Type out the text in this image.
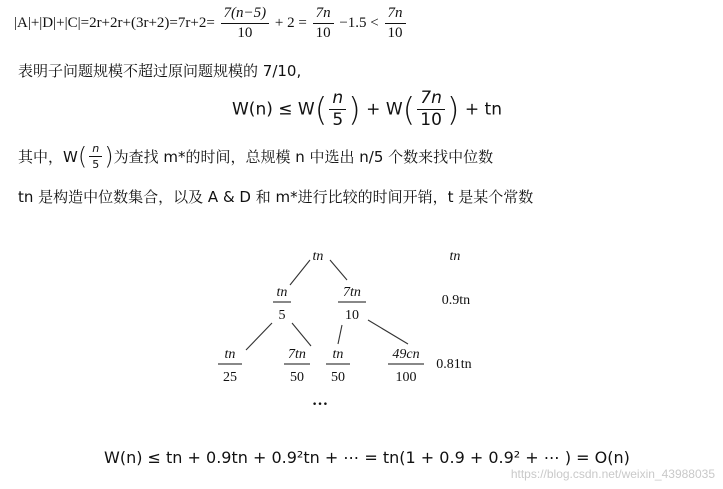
$|A|+|D|+|C|=2r+2r+(3r+2)=7r+2= \frac{7(n-5)}{10} + 2 = \frac{7n}{10} -1.5 < \frac{7n}{10}$
表明子问题规模不超过原问题规模的 7/10,
$W(n) \le W( \frac{n}{5}$ ) + $W( \frac{7n}{10}$ ) + tn
其中，$W( \frac{n}{5}$ )为查找 m*的时间，总规模 n 中选出 n/5 个数来找中位数
tn 是构造中位数集合，以及 A & D 和 m*进行比较的时间开销，t 是某个常数
tn
tn
5
7tn
10
tn
25
7tn
50
tn
50
49cn
100
…
tn
0.9tn
0.81tn
W(n) ≤ tn + 0.9tn + 0.9²tn + ⋯ = tn(1 + 0.9 + 0.9² + ⋯ ) = O(n)
https://blog.csdn.net/weixin_43988035
